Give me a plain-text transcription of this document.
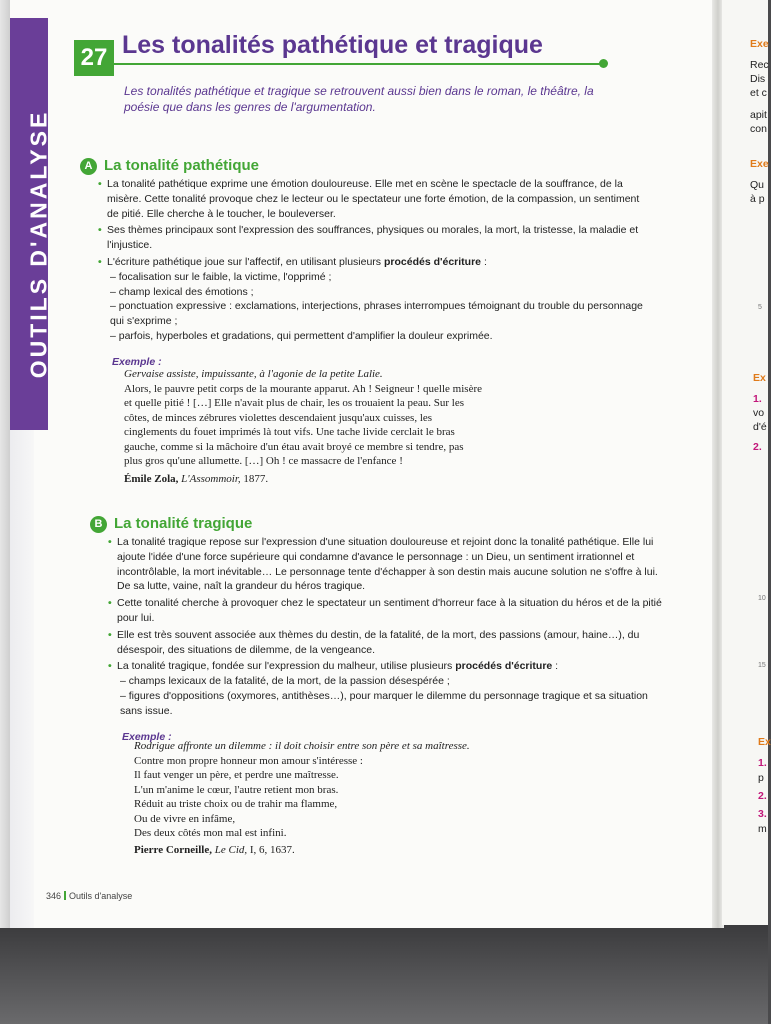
OUTILS D'ANALYSE
27 Les tonalités pathétique et tragique
Les tonalités pathétique et tragique se retrouvent aussi bien dans le roman, le théâtre, la poésie que dans les genres de l'argumentation.
A La tonalité pathétique

• La tonalité pathétique exprime une émotion douloureuse. Elle met en scène le spectacle de la souffrance, de la misère. Cette tonalité provoque chez le lecteur ou le spectateur une forte émotion, de la compassion, un sentiment de pitié. Elle cherche à le toucher, le bouleverser.

• Ses thèmes principaux sont l'expression des souffrances, physiques ou morales, la mort, la tristesse, la maladie et l'injustice.

• L'écriture pathétique joue sur l'affectif, en utilisant plusieurs procédés d'écriture :

– focalisation sur le faible, la victime, l'opprimé ;

– champ lexical des émotions ;

– ponctuation expressive : exclamations, interjections, phrases interrompues témoignant du trouble du personnage qui s'exprime ;

– parfois, hyperboles et gradations, qui permettent d'amplifier la douleur exprimée.

Exemple :

Gervaise assiste, impuissante, à l'agonie de la petite Lalie.

Alors, le pauvre petit corps de la mourante apparut. Ah ! Seigneur ! quelle misère et quelle pitié ! […] Elle n'avait plus de chair, les os trouaient la peau. Sur les côtes, de minces zébrures violettes descendaient jusqu'aux cuisses, les cinglements du fouet imprimés là tout vifs. Une tache livide cerclait le bras gauche, comme si la mâchoire d'un étau avait broyé ce membre si tendre, pas plus gros qu'une allumette. […] Oh ! ce massacre de l'enfance !

Émile Zola, L'Assommoir, 1877.

B La tonalité tragique

• La tonalité tragique repose sur l'expression d'une situation douloureuse et rejoint donc la tonalité pathétique. Elle lui ajoute l'idée d'une force supérieure qui condamne d'avance le personnage : un Dieu, un sentiment irrationnel et incontrôlable, la mort inévitable… Le personnage tente d'échapper à son destin mais aucune solution ne s'offre à lui. De sa lutte, vaine, naît la grandeur du héros tragique.

• Cette tonalité cherche à provoquer chez le spectateur un sentiment d'horreur face à la situation du héros et de la pitié pour lui.

• Elle est très souvent associée aux thèmes du destin, de la fatalité, de la mort, des passions (amour, haine…), du désespoir, des situations de dilemme, de la vengeance.

• La tonalité tragique, fondée sur l'expression du malheur, utilise plusieurs procédés d'écriture :

– champs lexicaux de la fatalité, de la mort, de la passion désespérée ;

– figures d'oppositions (oxymores, antithèses…), pour marquer le dilemme du personnage tragique et sa situation sans issue.

Exemple :

Rodrigue affronte un dilemme : il doit choisir entre son père et sa maîtresse.

Contre mon propre honneur mon amour s'intéresse :

Il faut venger un père, et perdre une maîtresse.

L'un m'anime le cœur, l'autre retient mon bras.

Réduit au triste choix ou de trahir ma flamme,

Ou de vivre en infâme,

Des deux côtés mon mal est infini.

Pierre Corneille, Le Cid, I, 6, 1637.

346 Outils d'analyse
Exe
Rec
Dis
et c
apit
con
Exe
Qu
à p
5
Ex
1.
vo
d'é
2.
10
15
Ex
1.
p
2.
3.
m
